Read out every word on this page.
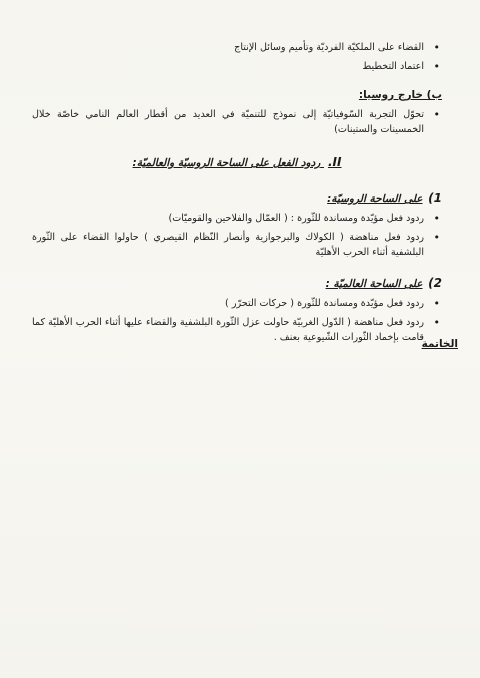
• القضاء على الملكيّة الفرديّة وتأميم وسائل الإنتاج
• اعتماد التخطيط

ب) خارج روسيا:

• تحوّل التجربة السّوفياتيّة إلى نموذج للتنميّة في العديد من أقطار العالم النامي خاصّة خلال الخمسينات والستينات)

II. ردود الفعل على الساحة الروسيّة والعالميّة:

1) على الساحة الروسيّة:

• ردود فعل مؤيّدة ومساندة للثّورة : ( العمّال والفلاحين والقوميّات)
• ردود فعل مناهضة ( الكولاك والبرجوازية وأنصار النّظام القيصري ) حاولوا القضاء على الثّورة البلشفية أثناء الحرب الأهليّة

2) على الساحة العالميّة :

• ردود فعل مؤيّدة ومساندة للثّورة ( حركات التحرّر )
• ردود فعل مناهضة ( الدّول الغربيّة حاولت عزل الثّورة البلشفية والقضاء عليها أثناء الحرب الأهليّة كما قامت بإخماد الثّورات الشّيوعية بعنف .
الخاتمة
